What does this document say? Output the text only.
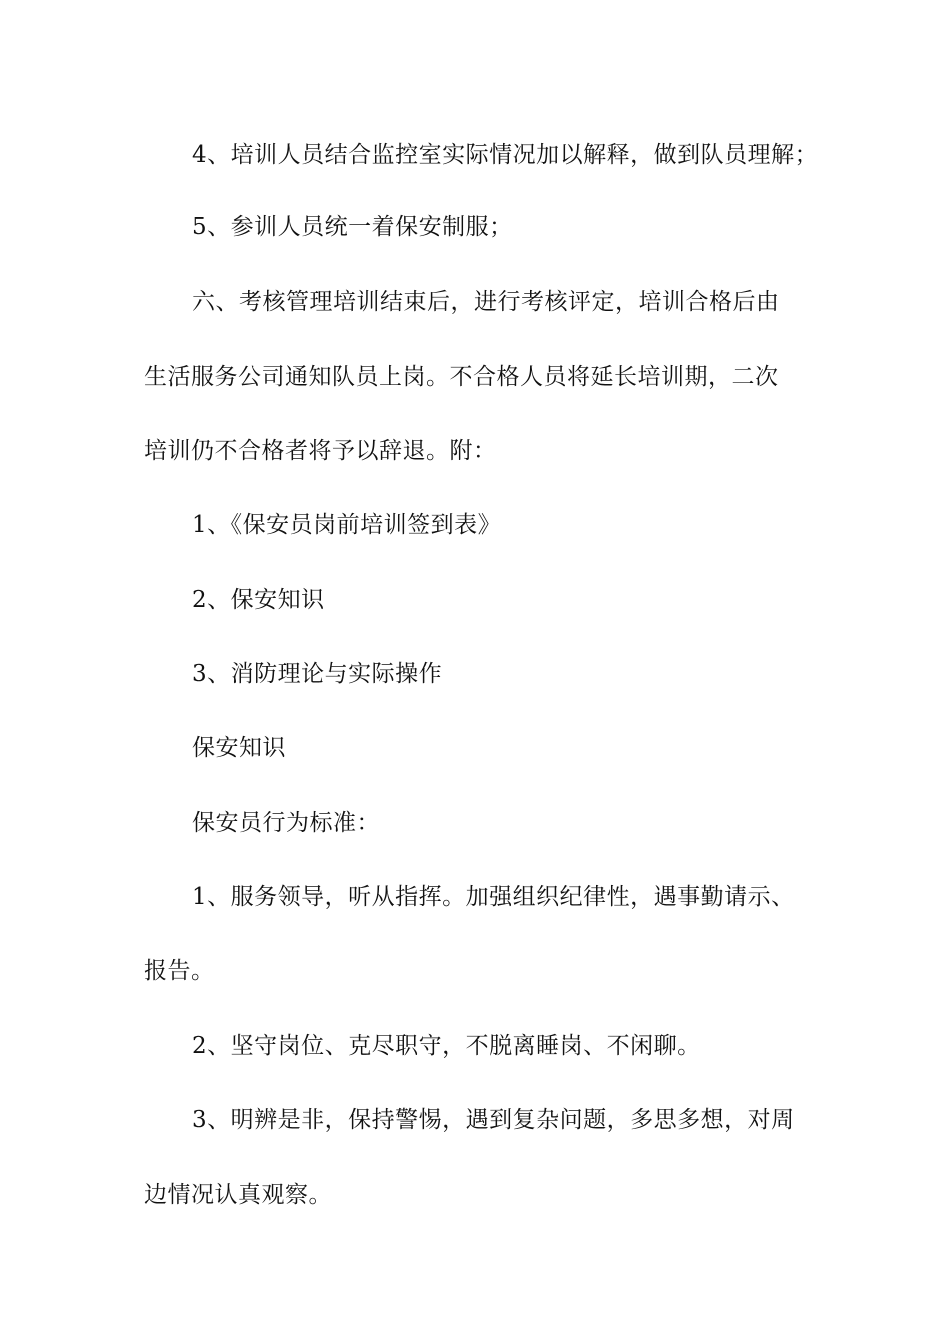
4、培训人员结合监控室实际情况加以解释，做到队员理解；
5、参训人员统一着保安制服；
六、考核管理培训结束后，进行考核评定，培训合格后由
生活服务公司通知队员上岗。不合格人员将延长培训期，二次
培训仍不合格者将予以辞退。附：
1、《保安员岗前培训签到表》
2、保安知识
3、消防理论与实际操作
保安知识
保安员行为标准：
1、服务领导，听从指挥。加强组织纪律性，遇事勤请示、
报告。
2、坚守岗位、克尽职守，不脱离睡岗、不闲聊。
3、明辨是非，保持警惕，遇到复杂问题，多思多想，对周
边情况认真观察。
